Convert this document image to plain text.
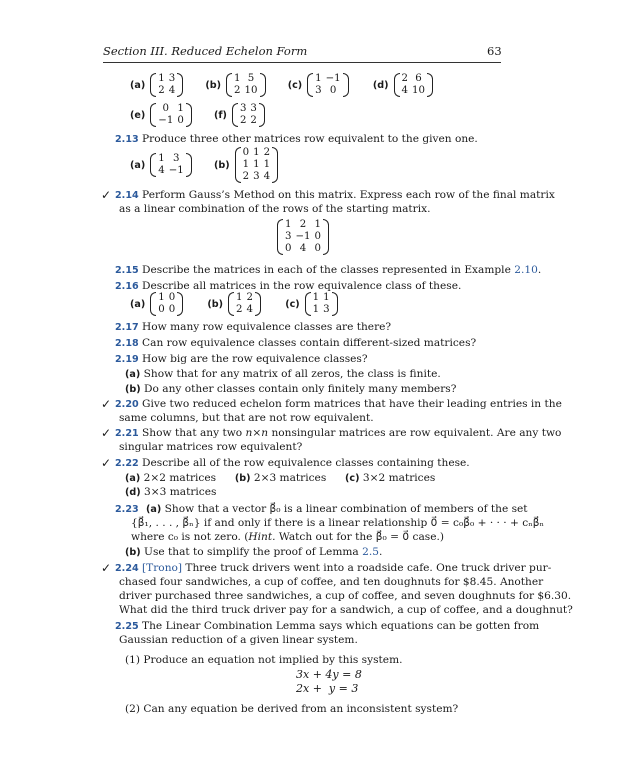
Section III. Reduced Echelon Form	63
(a)
1	3
2	4	(b)
1	5
2	10	(c)
1	−1
3	0	(d)
2	6
4	10
(e)
0	1
−1	0	(f)
3	3
2	2
2.13 Produce three other matrices row equivalent to the given one.
(a)
1	3
4	−1	(b)
0	1	2
1	1	1
2	3	4
✓ 2.14 Perform Gauss’s Method on this matrix. Express each row of the final matrix
as a linear combination of the rows of the starting matrix.
1	2	1
3	−1	0
0	4	0
2.15 Describe the matrices in each of the classes represented in Example 2.10.
2.16 Describe all matrices in the row equivalence class of these.
(a)
1	0
0	0	(b)
1	2
2	4	(c)
1	1
1	3
2.17 How many row equivalence classes are there?
2.18 Can row equivalence classes contain different-sized matrices?
2.19 How big are the row equivalence classes?
(a) Show that for any matrix of all zeros, the class is finite.
(b) Do any other classes contain only finitely many members?
✓ 2.20 Give two reduced echelon form matrices that have their leading entries in the
same columns, but that are not row equivalent.
✓ 2.21 Show that any two n×n nonsingular matrices are row equivalent. Are any two
singular matrices row equivalent?
✓ 2.22 Describe all of the row equivalence classes containing these.
(a) 2×2 matrices (b) 2×3 matrices (c) 3×2 matrices
(d) 3×3 matrices
2.23 (a) Show that a vector β⃗₀ is a linear combination of members of the set
{β⃗₁, . . . , β⃗ₙ} if and only if there is a linear relationship 0⃗ = c₀β⃗₀ + · · · + cₙβ⃗ₙ
where c₀ is not zero. (Hint. Watch out for the β⃗₀ = 0⃗ case.)
(b) Use that to simplify the proof of Lemma 2.5.
✓ 2.24 [Trono] Three truck drivers went into a roadside cafe. One truck driver pur-
chased four sandwiches, a cup of coffee, and ten doughnuts for $8.45. Another
driver purchased three sandwiches, a cup of coffee, and seven doughnuts for $6.30.
What did the third truck driver pay for a sandwich, a cup of coffee, and a doughnut?
2.25 The Linear Combination Lemma says which equations can be gotten from
Gaussian reduction of a given linear system.
(1) Produce an equation not implied by this system.
3x + 4y = 8
2x +  y = 3
(2) Can any equation be derived from an inconsistent system?
